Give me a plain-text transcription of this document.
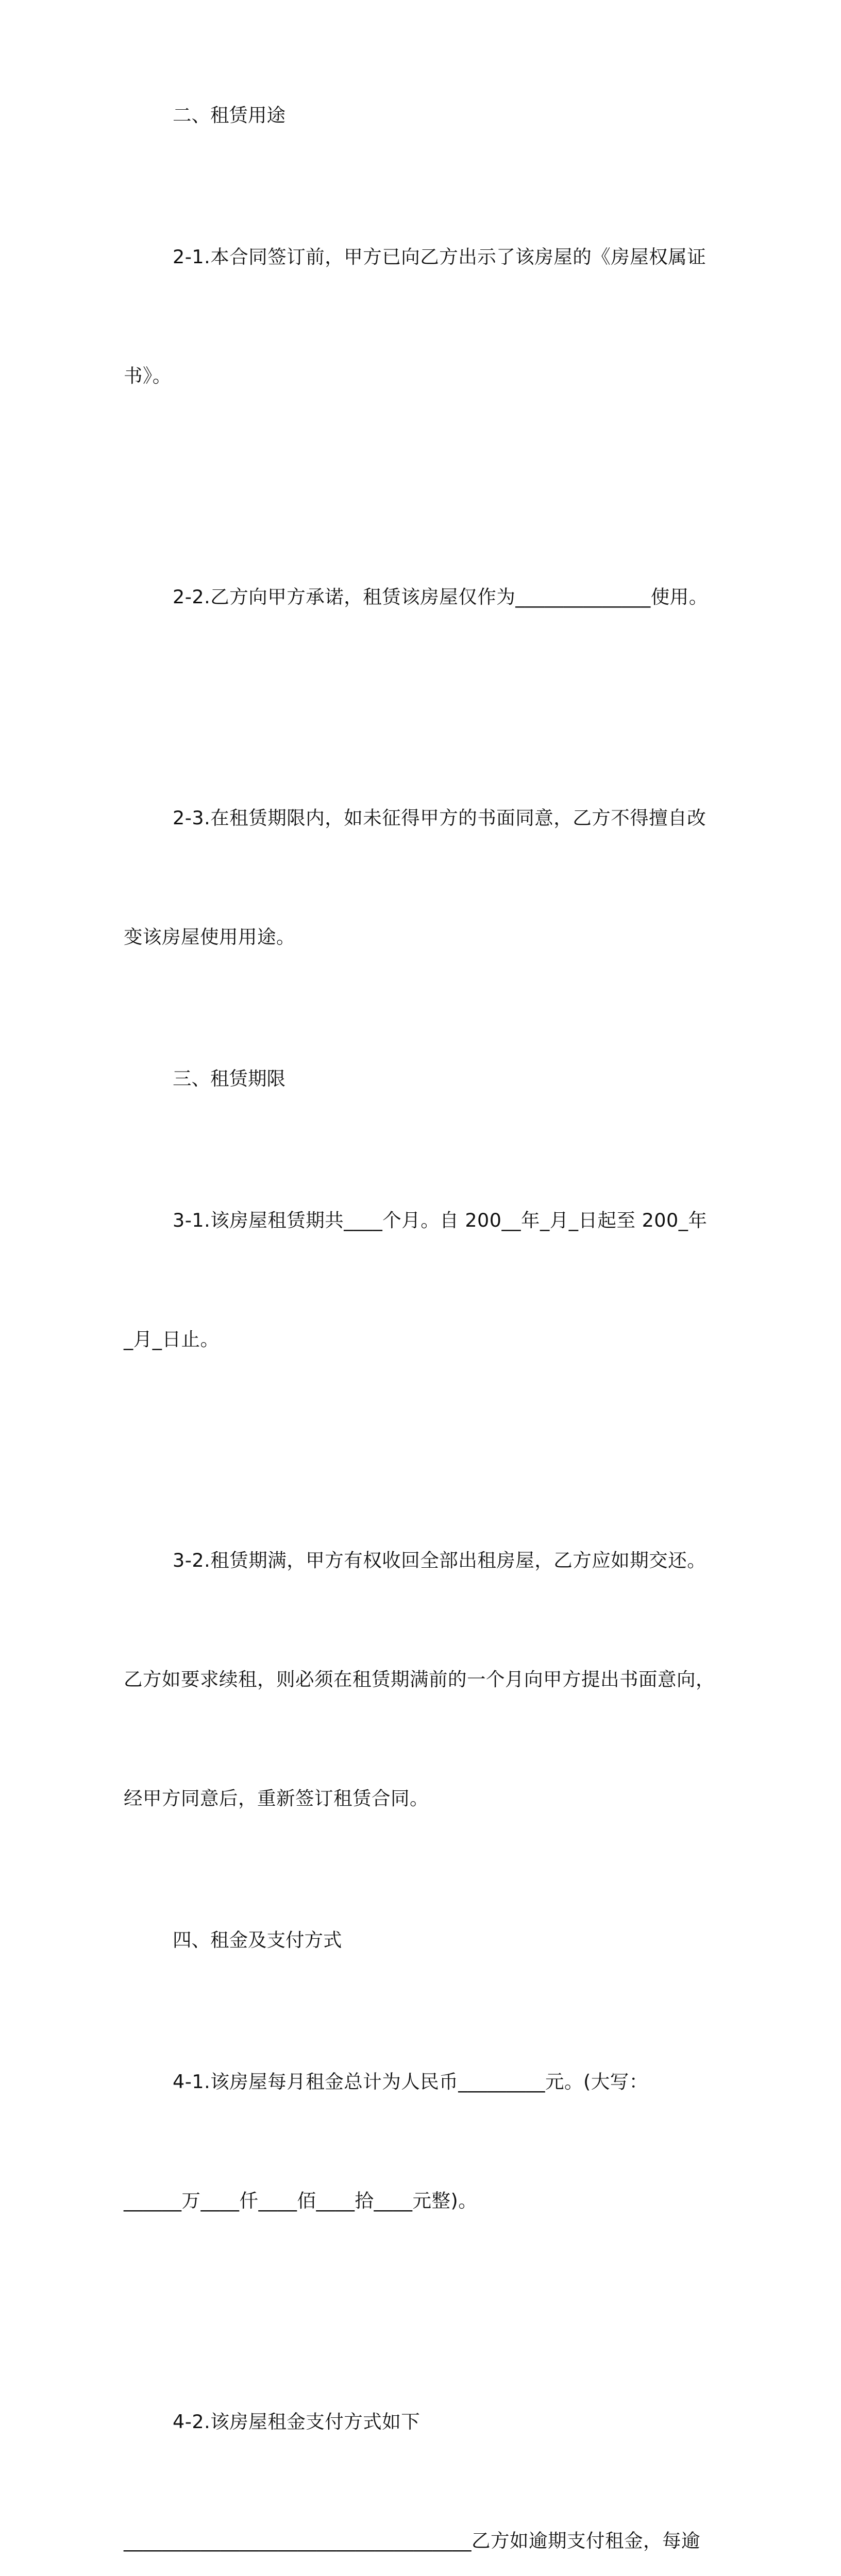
二、租赁用途

2-1.本合同签订前，甲方已向乙方出示了该房屋的《房屋权属证

书》。

2-2.乙方向甲方承诺，租赁该房屋仅作为______________使用。

2-3.在租赁期限内，如未征得甲方的书面同意，乙方不得擅自改

变该房屋使用用途。

三、租赁期限

3-1.该房屋租赁期共____个月。自 200__年_月_日起至 200_年

_月_日止。

3-2.租赁期满，甲方有权收回全部出租房屋，乙方应如期交还。

乙方如要求续租，则必须在租赁期满前的一个月向甲方提出书面意向，

经甲方同意后，重新签订租赁合同。

四、租金及支付方式

4-1.该房屋每月租金总计为人民币_________元。(大写：

______万____仟____佰____拾____元整)。

4-2.该房屋租金支付方式如下

____________________________________乙方如逾期支付租金，每逾
